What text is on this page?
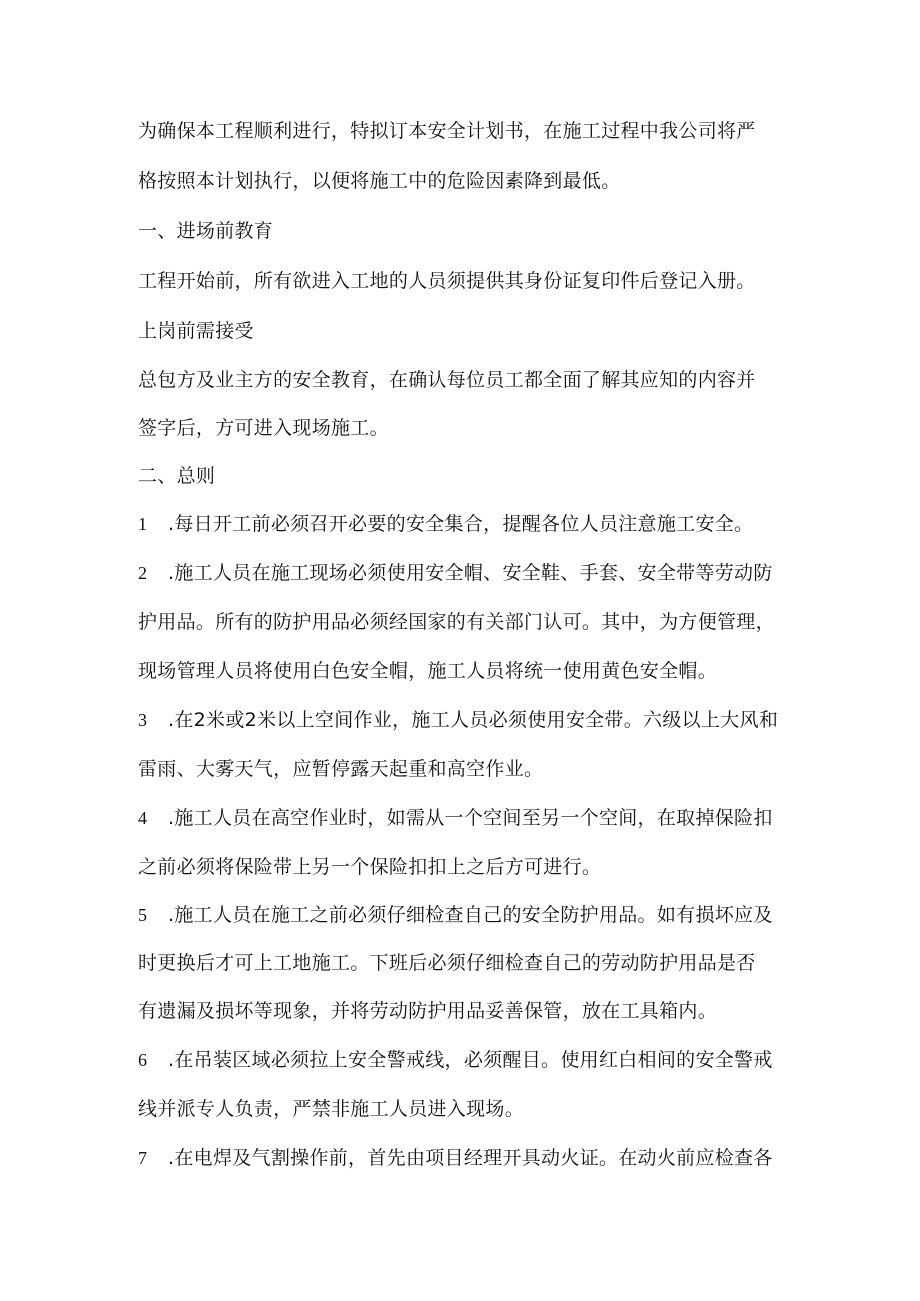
为确保本工程顺利进行，特拟订本安全计划书，在施工过程中我公司将严
格按照本计划执行，以便将施工中的危险因素降到最低。
一、进场前教育
工程开始前，所有欲进入工地的人员须提供其身份证复印件后登记入册。
上岗前需接受
总包方及业主方的安全教育，在确认每位员工都全面了解其应知的内容并
签字后，方可进入现场施工。
二、总则
1 .每日开工前必须召开必要的安全集合，提醒各位人员注意施工安全。
2 .施工人员在施工现场必须使用安全帽、安全鞋、手套、安全带等劳动防
护用品。所有的防护用品必须经国家的有关部门认可。其中，为方便管理，
现场管理人员将使用白色安全帽，施工人员将统一使用黄色安全帽。
3 .在2米或2米以上空间作业，施工人员必须使用安全带。六级以上大风和
雷雨、大雾天气，应暂停露天起重和高空作业。
4 .施工人员在高空作业时，如需从一个空间至另一个空间，在取掉保险扣
之前必须将保险带上另一个保险扣扣上之后方可进行。
5 .施工人员在施工之前必须仔细检查自己的安全防护用品。如有损坏应及
时更换后才可上工地施工。下班后必须仔细检查自己的劳动防护用品是否
有遗漏及损坏等现象，并将劳动防护用品妥善保管，放在工具箱内。
6 .在吊装区域必须拉上安全警戒线，必须醒目。使用红白相间的安全警戒
线并派专人负责，严禁非施工人员进入现场。
7 .在电焊及气割操作前，首先由项目经理开具动火证。在动火前应检查各
